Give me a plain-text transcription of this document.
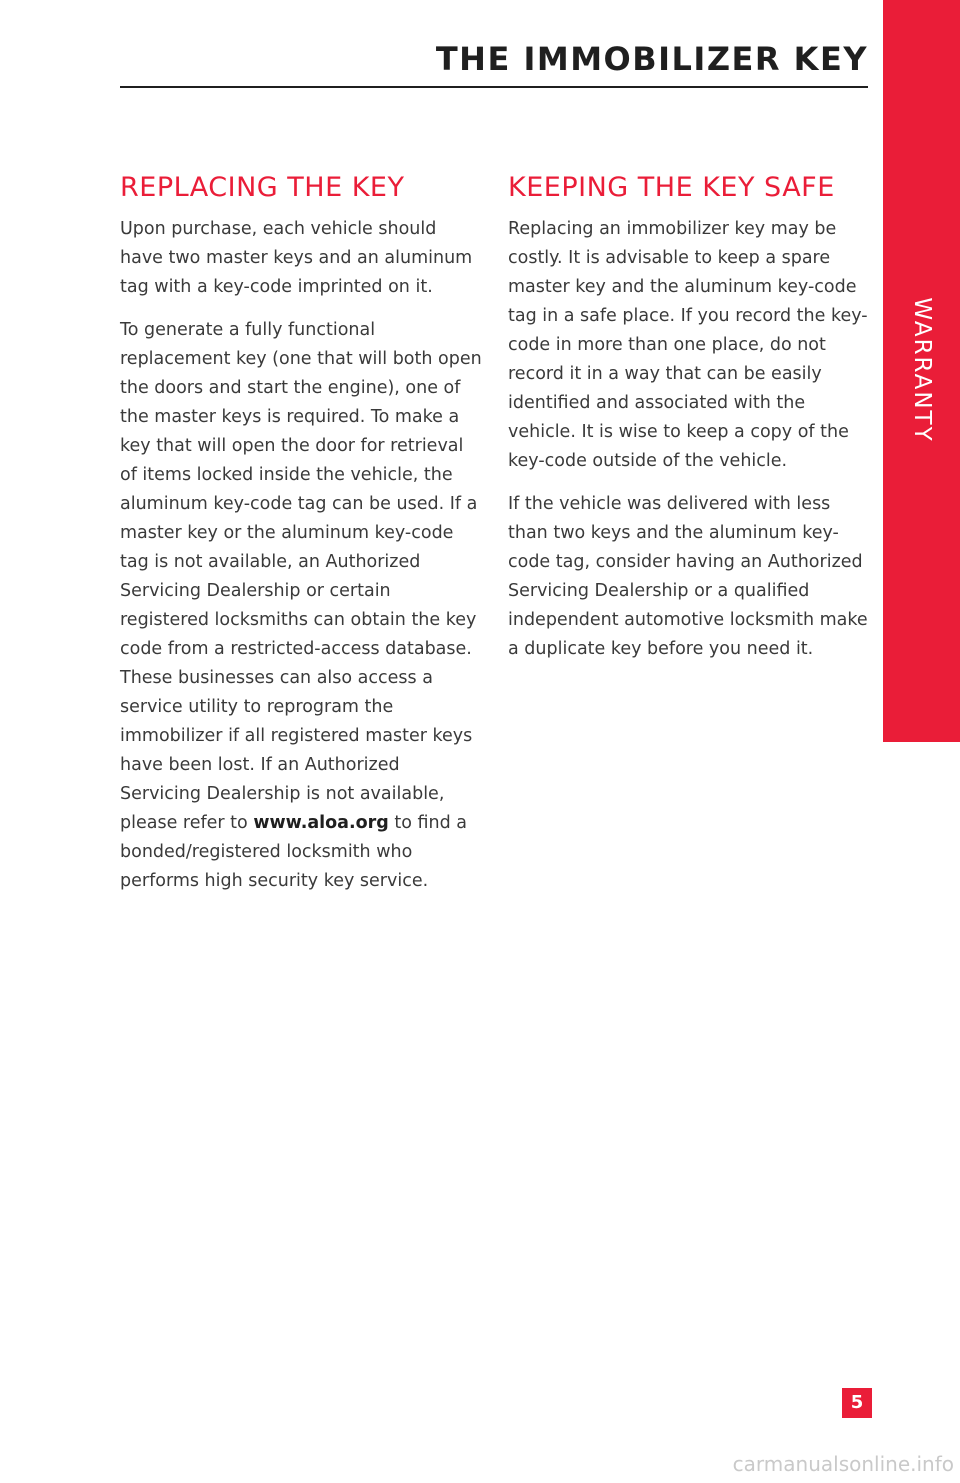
WARRANTY
THE IMMOBILIZER KEY
REPLACING THE KEY

Upon purchase, each vehicle should have two master keys and an aluminum tag with a key-code imprinted on it.

To generate a fully functional replacement key (one that will both open the doors and start the engine), one of the master keys is required. To make a key that will open the door for retrieval of items locked inside the vehicle, the aluminum key-code tag can be used. If a master key or the aluminum key-code tag is not available, an Authorized Servicing Dealership or certain registered locksmiths can obtain the key code from a restricted-access database. These businesses can also access a service utility to reprogram the immobilizer if all registered master keys have been lost. If an Authorized Servicing Dealership is not available, please refer to www.aloa.org to find a bonded/registered locksmith who performs high security key service.

KEEPING THE KEY SAFE

Replacing an immobilizer key may be costly. It is advisable to keep a spare master key and the aluminum key-code tag in a safe place. If you record the key-code in more than one place, do not record it in a way that can be easily identified and associated with the vehicle. It is wise to keep a copy of the key-code outside of the vehicle.

If the vehicle was delivered with less than two keys and the aluminum key-code tag, consider having an Authorized Servicing Dealership or a qualified independent automotive locksmith make a duplicate key before you need it.

5
carmanualsonline.info
